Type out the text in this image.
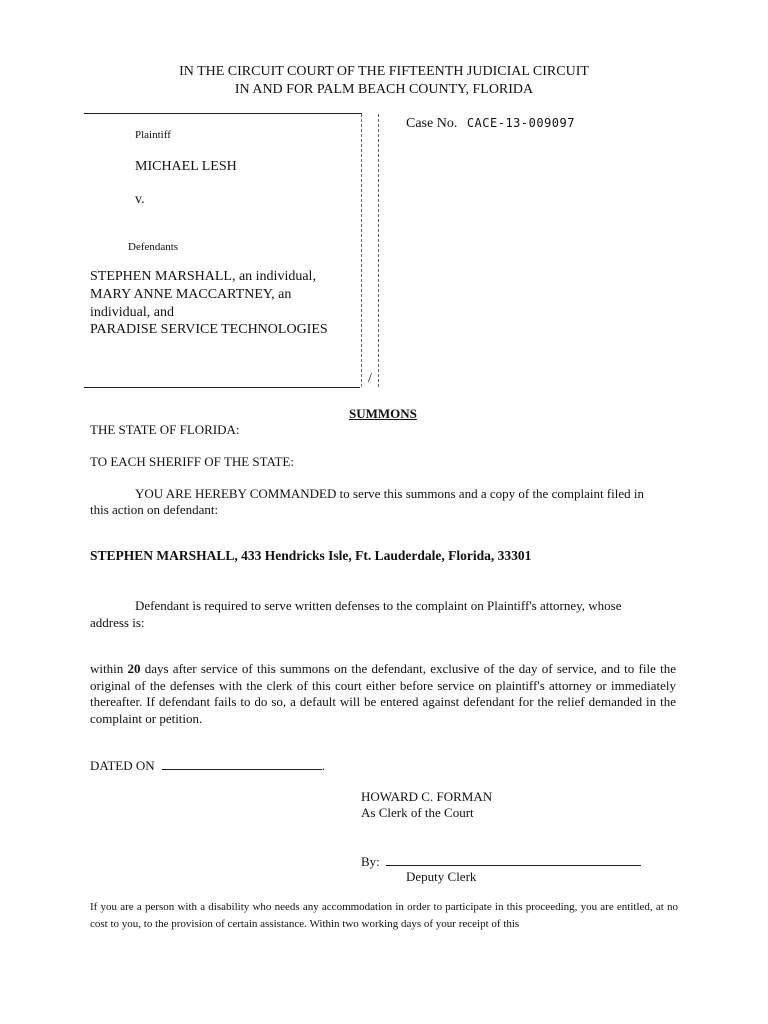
IN THE CIRCUIT COURT OF THE FIFTEENTH JUDICIAL CIRCUIT
IN AND FOR PALM BEACH COUNTY, FLORIDA
/
Case No. CACE-13-009097
Plaintiff
MICHAEL LESH
v.
Defendants
STEPHEN MARSHALL, an individual,
MARY ANNE MACCARTNEY, an
individual, and
PARADISE SERVICE TECHNOLOGIES
SUMMONS
THE STATE OF FLORIDA:
TO EACH SHERIFF OF THE STATE:
YOU ARE HEREBY COMMANDED to serve this summons and a copy of the complaint filed in
this action on defendant:
STEPHEN MARSHALL, 433 Hendricks Isle, Ft. Lauderdale, Florida, 33301
Defendant is required to serve written defenses to the complaint on Plaintiff's attorney, whose
address is:
within 20 days after service of this summons on the defendant, exclusive of the day of service, and to file the original of the defenses with the clerk of this court either before service on plaintiff's attorney or immediately thereafter. If defendant fails to do so, a default will be entered against defendant for the relief demanded in the complaint or petition.
DATED ON	.
HOWARD C. FORMAN
As Clerk of the Court
By:
Deputy Clerk
If you are a person with a disability who needs any accommodation in order to participate in this proceeding, you are entitled, at no cost to you, to the provision of certain assistance. Within two working days of your receipt of this
